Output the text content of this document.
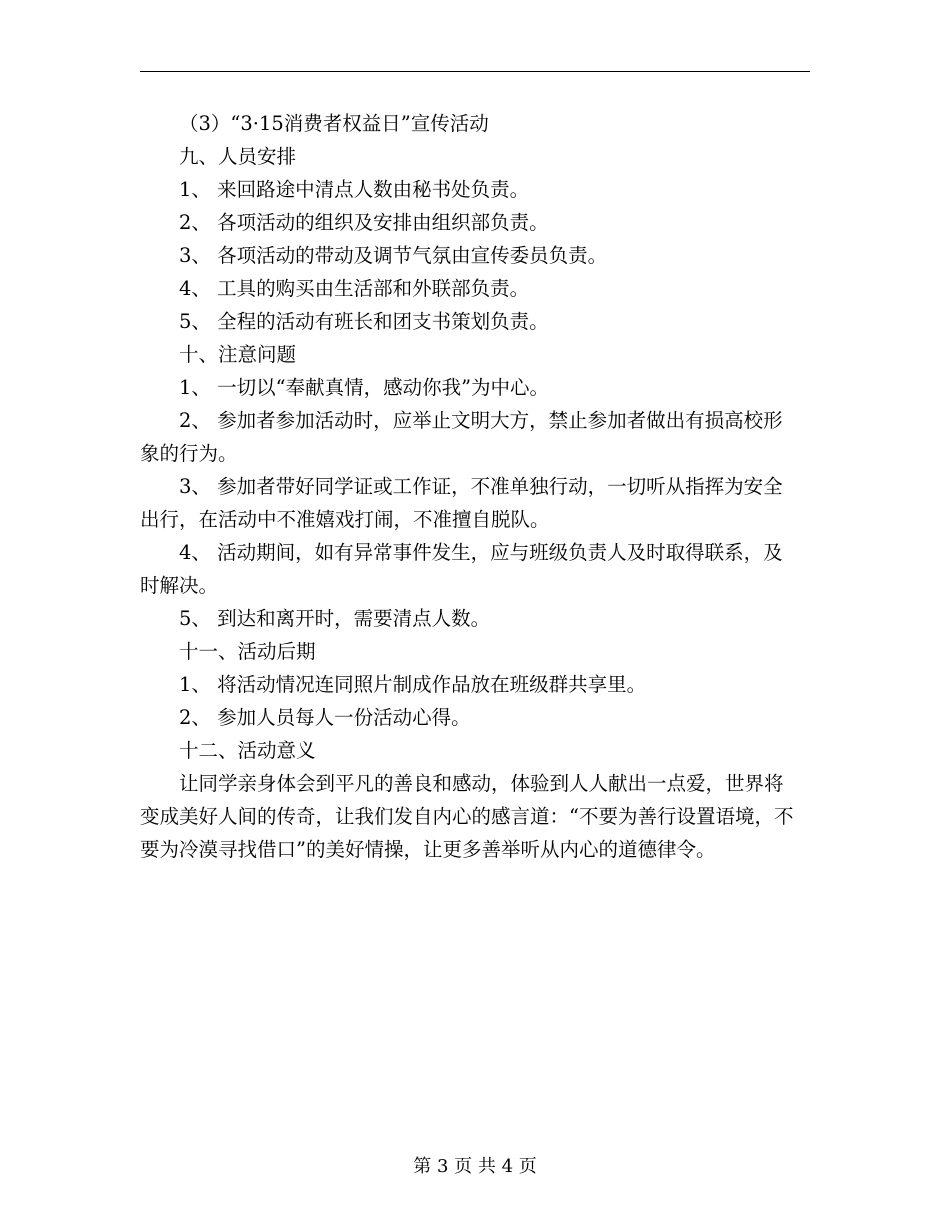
（3）“3·15消费者权益日”宣传活动

九、人员安排

1、 来回路途中清点人数由秘书处负责。

2、 各项活动的组织及安排由组织部负责。

3、 各项活动的带动及调节气氛由宣传委员负责。

4、 工具的购买由生活部和外联部负责。

5、 全程的活动有班长和团支书策划负责。

十、注意问题

1、 一切以“奉献真情，感动你我”为中心。

2、 参加者参加活动时，应举止文明大方，禁止参加者做出有损高校形象的行为。

3、 参加者带好同学证或工作证，不准单独行动，一切听从指挥为安全出行，在活动中不准嬉戏打闹，不准擅自脱队。

4、 活动期间，如有异常事件发生，应与班级负责人及时取得联系，及时解决。

5、 到达和离开时，需要清点人数。

十一、活动后期

1、 将活动情况连同照片制成作品放在班级群共享里。

2、 参加人员每人一份活动心得。

十二、活动意义

让同学亲身体会到平凡的善良和感动，体验到人人献出一点爱，世界将变成美好人间的传奇，让我们发自内心的感言道：“不要为善行设置语境，不要为冷漠寻找借口”的美好情操，让更多善举听从内心的道德律令。

第 3 页 共 4 页
